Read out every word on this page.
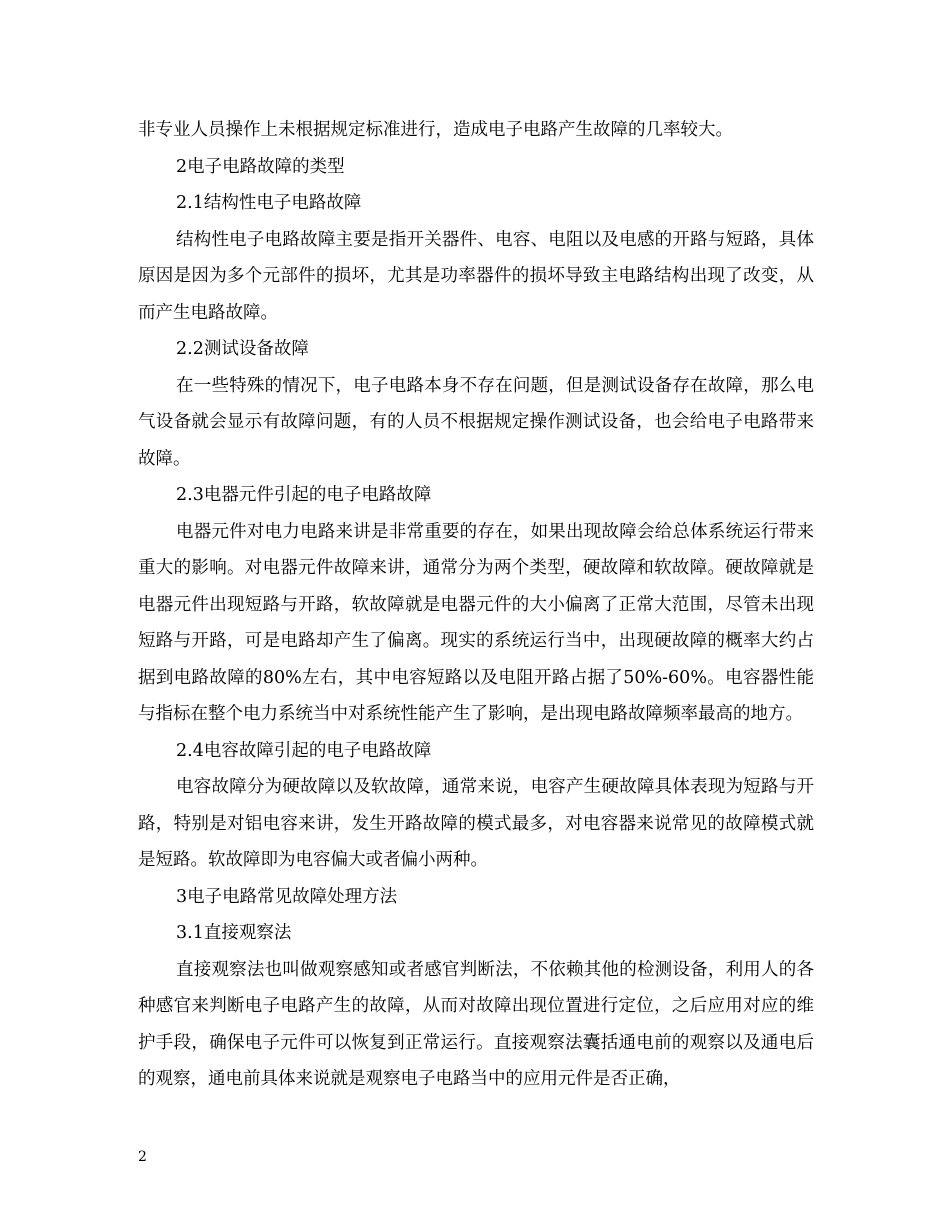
非专业人员操作上未根据规定标准进行，造成电子电路产生故障的几率较大。

2电子电路故障的类型

2.1结构性电子电路故障

结构性电子电路故障主要是指开关器件、电容、电阻以及电感的开路与短路，具体原因是因为多个元部件的损坏，尤其是功率器件的损坏导致主电路结构出现了改变，从而产生电路故障。

2.2测试设备故障

在一些特殊的情况下，电子电路本身不存在问题，但是测试设备存在故障，那么电气设备就会显示有故障问题，有的人员不根据规定操作测试设备，也会给电子电路带来故障。

2.3电器元件引起的电子电路故障

电器元件对电力电路来讲是非常重要的存在，如果出现故障会给总体系统运行带来重大的影响。对电器元件故障来讲，通常分为两个类型，硬故障和软故障。硬故障就是电器元件出现短路与开路，软故障就是电器元件的大小偏离了正常大范围，尽管未出现短路与开路，可是电路却产生了偏离。现实的系统运行当中，出现硬故障的概率大约占据到电路故障的80%左右，其中电容短路以及电阻开路占据了50%-60%。电容器性能与指标在整个电力系统当中对系统性能产生了影响，是出现电路故障频率最高的地方。

2.4电容故障引起的电子电路故障

电容故障分为硬故障以及软故障，通常来说，电容产生硬故障具体表现为短路与开路，特别是对铝电容来讲，发生开路故障的模式最多，对电容器来说常见的故障模式就是短路。软故障即为电容偏大或者偏小两种。

3电子电路常见故障处理方法

3.1直接观察法

直接观察法也叫做观察感知或者感官判断法，不依赖其他的检测设备，利用人的各种感官来判断电子电路产生的故障，从而对故障出现位置进行定位，之后应用对应的维护手段，确保电子元件可以恢复到正常运行。直接观察法囊括通电前的观察以及通电后的观察，通电前具体来说就是观察电子电路当中的应用元件是否正确，

2
